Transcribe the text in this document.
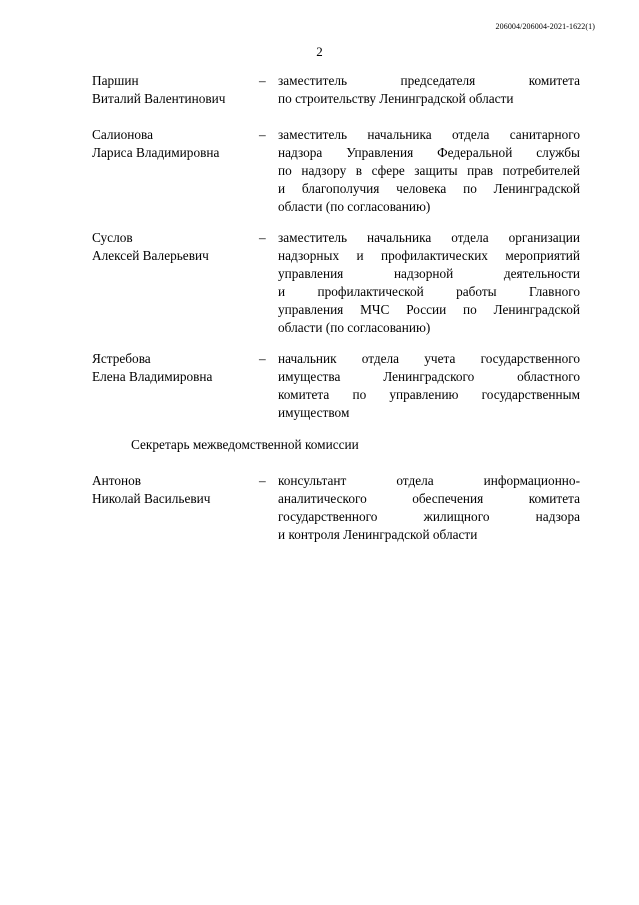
206004/206004-2021-1622(1)
2
Паршин
Виталий Валентинович
– заместитель председателя комитета
по строительству Ленинградской области
Салионова
Лариса Владимировна
– заместитель начальника отдела санитарного
надзора Управления Федеральной службы
по надзору в сфере защиты прав потребителей
и благополучия человека по Ленинградской
области (по согласованию)
Суслов
Алексей Валерьевич
– заместитель начальника отдела организации
надзорных и профилактических мероприятий
управления надзорной деятельности
и профилактической работы Главного
управления МЧС России по Ленинградской
области (по согласованию)
Ястребова
Елена Владимировна
– начальник отдела учета государственного
имущества Ленинградского областного
комитета по управлению государственным
имуществом
Секретарь межведомственной комиссии
Антонов
Николай Васильевич
– консультант отдела информационно-
аналитического обеспечения комитета
государственного жилищного надзора
и контроля Ленинградской области
